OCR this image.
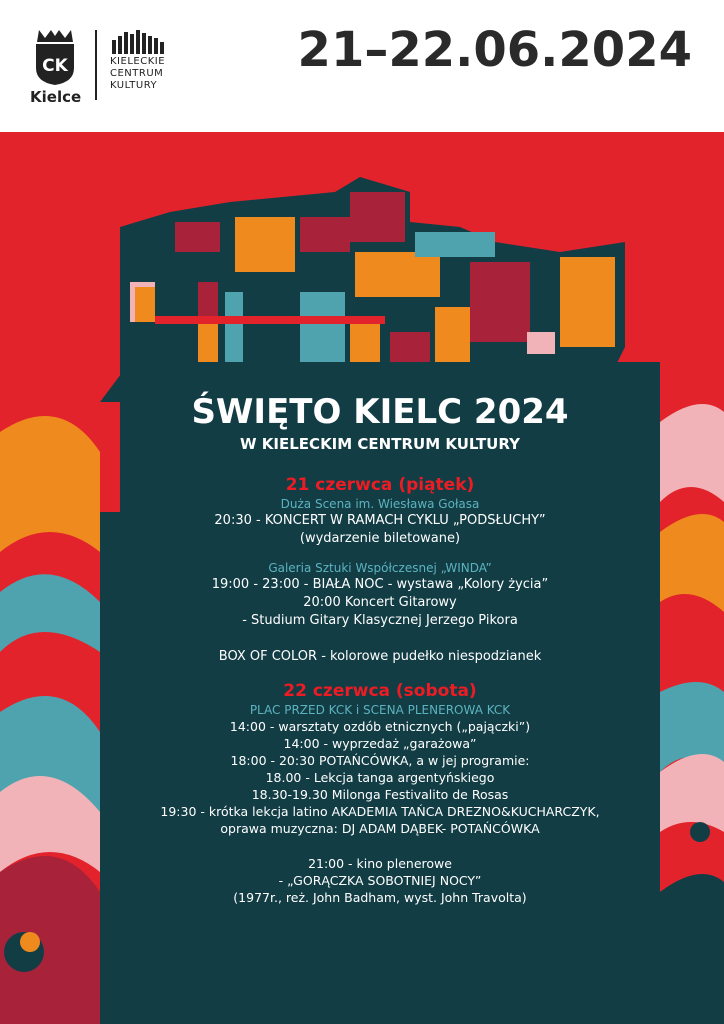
CK
Kielce
KIELECKIE
CENTRUM
KULTURY
21–22.06.2024
ŚWIĘTO KIELC 2024
W KIELECKIM CENTRUM KULTURY
21 czerwca (piątek)
Duża Scena im. Wiesława Gołasa
20:30 - KONCERT W RAMACH CYKLU „PODSŁUCHY”
(wydarzenie biletowane)
Galeria Sztuki Współczesnej „WINDA”
19:00 - 23:00 - BIAŁA NOC - wystawa „Kolory życia”
20:00 Koncert Gitarowy
- Studium Gitary Klasycznej Jerzego Pikora
BOX OF COLOR - kolorowe pudełko niespodzianek
22 czerwca (sobota)
PLAC PRZED KCK i SCENA PLENEROWA KCK
14:00 - warsztaty ozdób etnicznych („pajączki”)
14:00 - wyprzedaż „garażowa”
18:00 - 20:30 POTAŃCÓWKA, a w jej programie:
18.00 - Lekcja tanga argentyńskiego
18.30-19.30 Milonga Festivalito de Rosas
19:30 - krótka lekcja latino AKADEMIA TAŃCA DREZNO&KUCHARCZYK,
oprawa muzyczna: DJ ADAM DĄBEK- POTAŃCÓWKA
21:00 - kino plenerowe
- „GORĄCZKA SOBOTNIEJ NOCY”
(1977r., reż. John Badham, wyst. John Travolta)
